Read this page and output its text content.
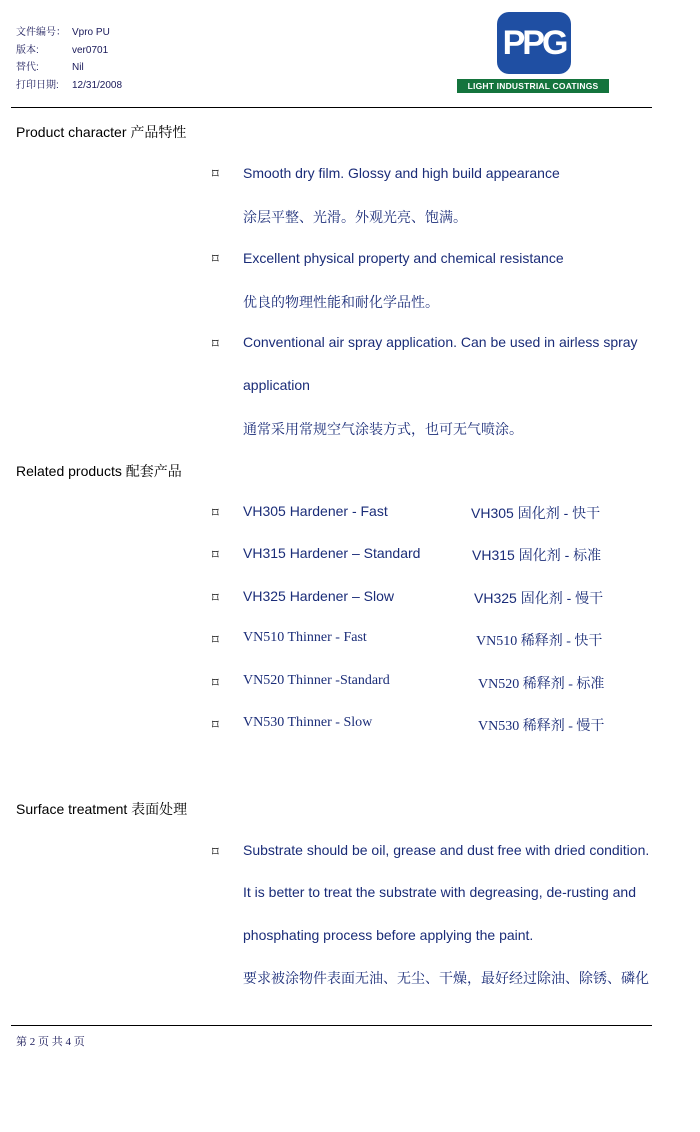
文件编号： Vpro PU
版本:	ver0701
替代:	Nil
打印日期:	12/31/2008
PPG
LIGHT INDUSTRIAL COATINGS
Product character 产品特性
⌑ Smooth dry film. Glossy and high build appearance
涂层平整、光滑。外观光亮、饱满。
⌑ Excellent physical property and chemical resistance
优良的物理性能和耐化学品性。
⌑ Conventional air spray application. Can be used in airless spray
application
通常采用常规空气涂装方式，也可无气喷涂。
Related products 配套产品
⌑ VH305 Hardener - Fast	VH305 固化剂 - 快干
⌑ VH315 Hardener – Standard	VH315 固化剂 - 标准
⌑ VH325 Hardener – Slow	VH325 固化剂 - 慢干
⌑ VN510 Thinner - Fast	VN510 稀释剂 - 快干
⌑ VN520 Thinner -Standard	VN520 稀释剂 - 标准
⌑ VN530 Thinner - Slow	VN530 稀释剂 - 慢干
Surface treatment 表面处理
⌑ Substrate should be oil, grease and dust free with dried condition.
It is better to treat the substrate with degreasing, de-rusting and
phosphating process before applying the paint.
要求被涂物件表面无油、无尘、干燥，最好经过除油、除锈、磷化
第 2 页 共 4 页
